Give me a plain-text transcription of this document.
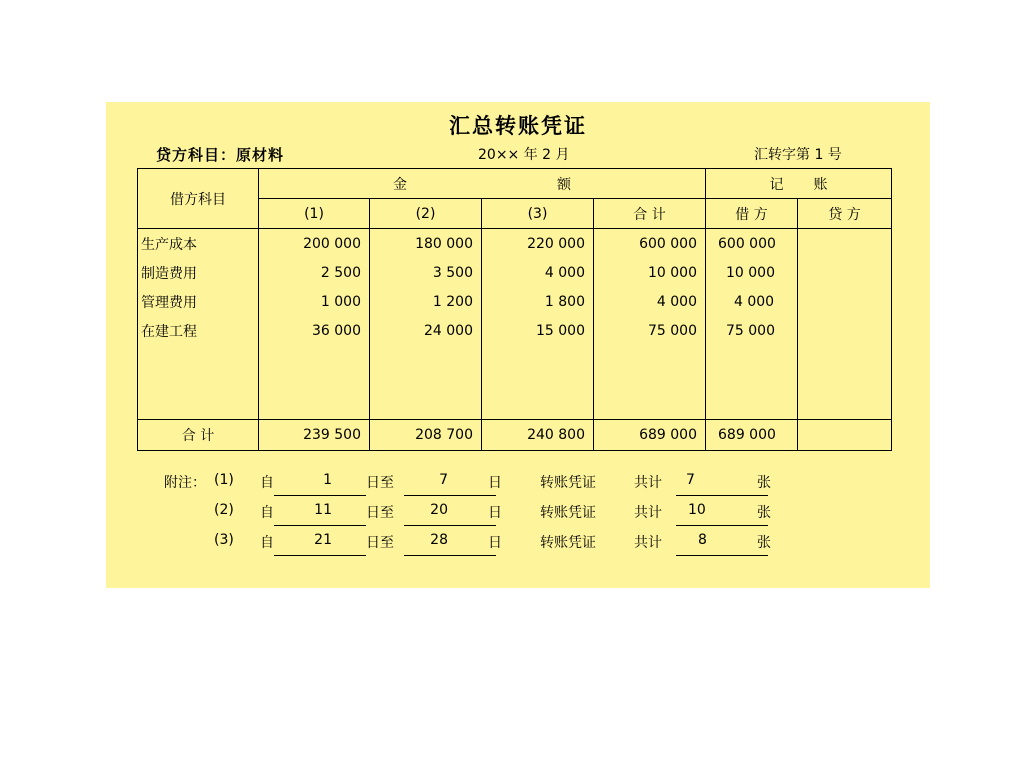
汇总转账凭证
贷方科目：原材料	20×× 年 2 月	汇转字第 1 号
借方科目	金 额				记 账	
	(1)	(2)	(3)	合 计	借 方	贷 方
生产成本	200 000	180 000	220 000	600 000	600 000	
制造费用	2 500	3 500	4 000	10 000	10 000	
管理费用	1 000	1 200	1 800	4 000	4 000	
在建工程	36 000	24 000	15 000	75 000	75 000	

合 计	239 500	208 700	240 800	689 000	689 000	
附注： (1) 自	1	日至	7	日	转账凭证	共计	7	张
(2) 自	11	日至	20	日	转账凭证	共计	10	张
(3) 自	21	日至	28	日	转账凭证	共计	8	张
